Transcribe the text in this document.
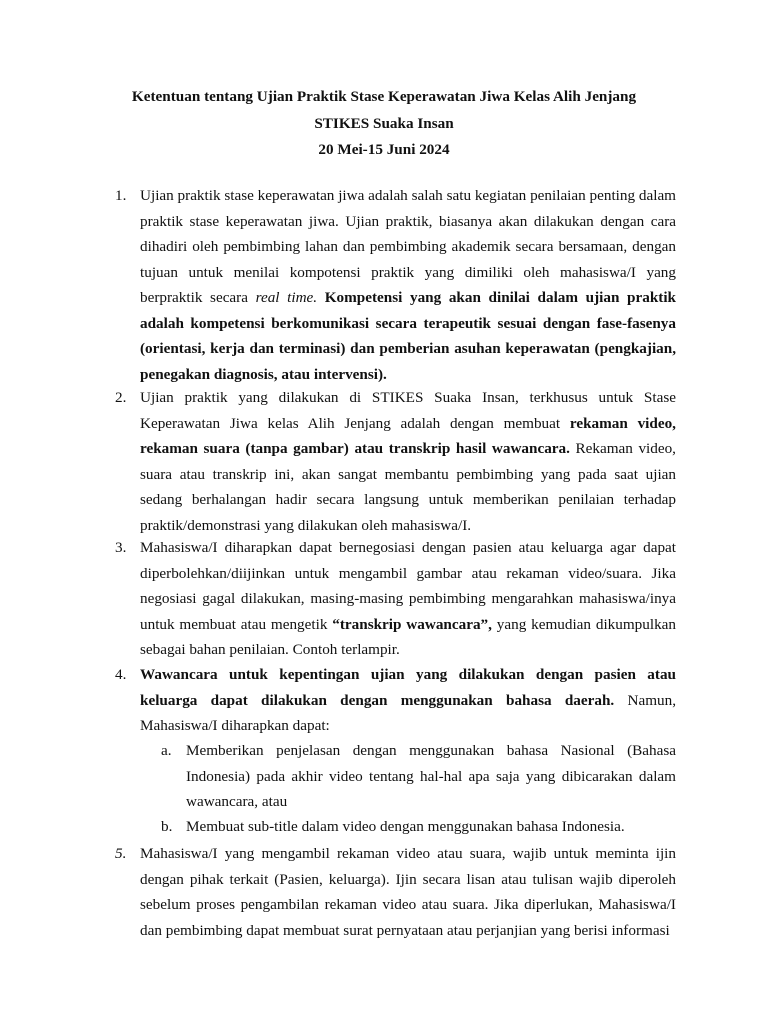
Ketentuan tentang Ujian Praktik Stase Keperawatan Jiwa Kelas Alih Jenjang
STIKES Suaka Insan
20 Mei-15 Juni 2024
1. Ujian praktik stase keperawatan jiwa adalah salah satu kegiatan penilaian penting dalam praktik stase keperawatan jiwa. Ujian praktik, biasanya akan dilakukan dengan cara dihadiri oleh pembimbing lahan dan pembimbing akademik secara bersamaan, dengan tujuan untuk menilai kompotensi praktik yang dimiliki oleh mahasiswa/I yang berpraktik secara real time. Kompetensi yang akan dinilai dalam ujian praktik adalah kompetensi berkomunikasi secara terapeutik sesuai dengan fase-fasenya (orientasi, kerja dan terminasi) dan pemberian asuhan keperawatan (pengkajian, penegakan diagnosis, atau intervensi).
2. Ujian praktik yang dilakukan di STIKES Suaka Insan, terkhusus untuk Stase Keperawatan Jiwa kelas Alih Jenjang adalah dengan membuat rekaman video, rekaman suara (tanpa gambar) atau transkrip hasil wawancara. Rekaman video, suara atau transkrip ini, akan sangat membantu pembimbing yang pada saat ujian sedang berhalangan hadir secara langsung untuk memberikan penilaian terhadap praktik/demonstrasi yang dilakukan oleh mahasiswa/I.
3. Mahasiswa/I diharapkan dapat bernegosiasi dengan pasien atau keluarga agar dapat diperbolehkan/diijinkan untuk mengambil gambar atau rekaman video/suara. Jika negosiasi gagal dilakukan, masing-masing pembimbing mengarahkan mahasiswa/inya untuk membuat atau mengetik “transkrip wawancara”, yang kemudian dikumpulkan sebagai bahan penilaian. Contoh terlampir.
4. Wawancara untuk kepentingan ujian yang dilakukan dengan pasien atau keluarga dapat dilakukan dengan menggunakan bahasa daerah. Namun, Mahasiswa/I diharapkan dapat:
a. Memberikan penjelasan dengan menggunakan bahasa Nasional (Bahasa Indonesia) pada akhir video tentang hal-hal apa saja yang dibicarakan dalam wawancara, atau
b. Membuat sub-title dalam video dengan menggunakan bahasa Indonesia.
5. Mahasiswa/I yang mengambil rekaman video atau suara, wajib untuk meminta ijin dengan pihak terkait (Pasien, keluarga). Ijin secara lisan atau tulisan wajib diperoleh sebelum proses pengambilan rekaman video atau suara. Jika diperlukan, Mahasiswa/I dan pembimbing dapat membuat surat pernyataan atau perjanjian yang berisi informasi
